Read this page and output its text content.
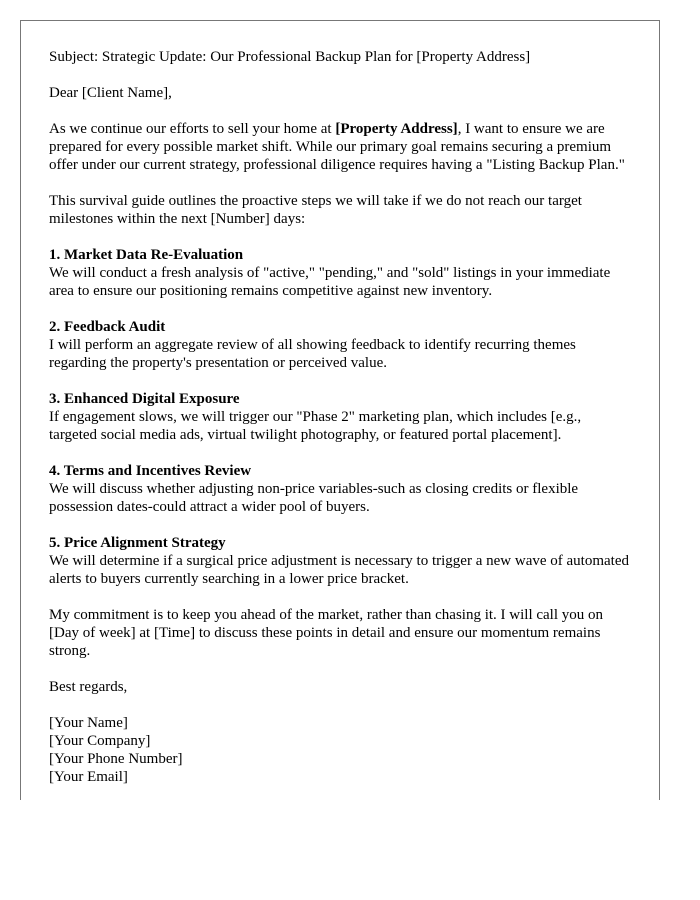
Subject: Strategic Update: Our Professional Backup Plan for [Property Address]

Dear [Client Name],

As we continue our efforts to sell your home at [Property Address], I want to ensure we are prepared for every possible market shift. While our primary goal remains securing a premium offer under our current strategy, professional diligence requires having a "Listing Backup Plan."

This survival guide outlines the proactive steps we will take if we do not reach our target milestones within the next [Number] days:

1. Market Data Re-Evaluation
We will conduct a fresh analysis of "active," "pending," and "sold" listings in your immediate area to ensure our positioning remains competitive against new inventory.
2. Feedback Audit
I will perform an aggregate review of all showing feedback to identify recurring themes regarding the property's presentation or perceived value.
3. Enhanced Digital Exposure
If engagement slows, we will trigger our "Phase 2" marketing plan, which includes [e.g., targeted social media ads, virtual twilight photography, or featured portal placement].
4. Terms and Incentives Review
We will discuss whether adjusting non-price variables-such as closing credits or flexible possession dates-could attract a wider pool of buyers.
5. Price Alignment Strategy
We will determine if a surgical price adjustment is necessary to trigger a new wave of automated alerts to buyers currently searching in a lower price bracket.

My commitment is to keep you ahead of the market, rather than chasing it. I will call you on [Day of week] at [Time] to discuss these points in detail and ensure our momentum remains strong.

Best regards,

[Your Name]
[Your Company]
[Your Phone Number]
[Your Email]
